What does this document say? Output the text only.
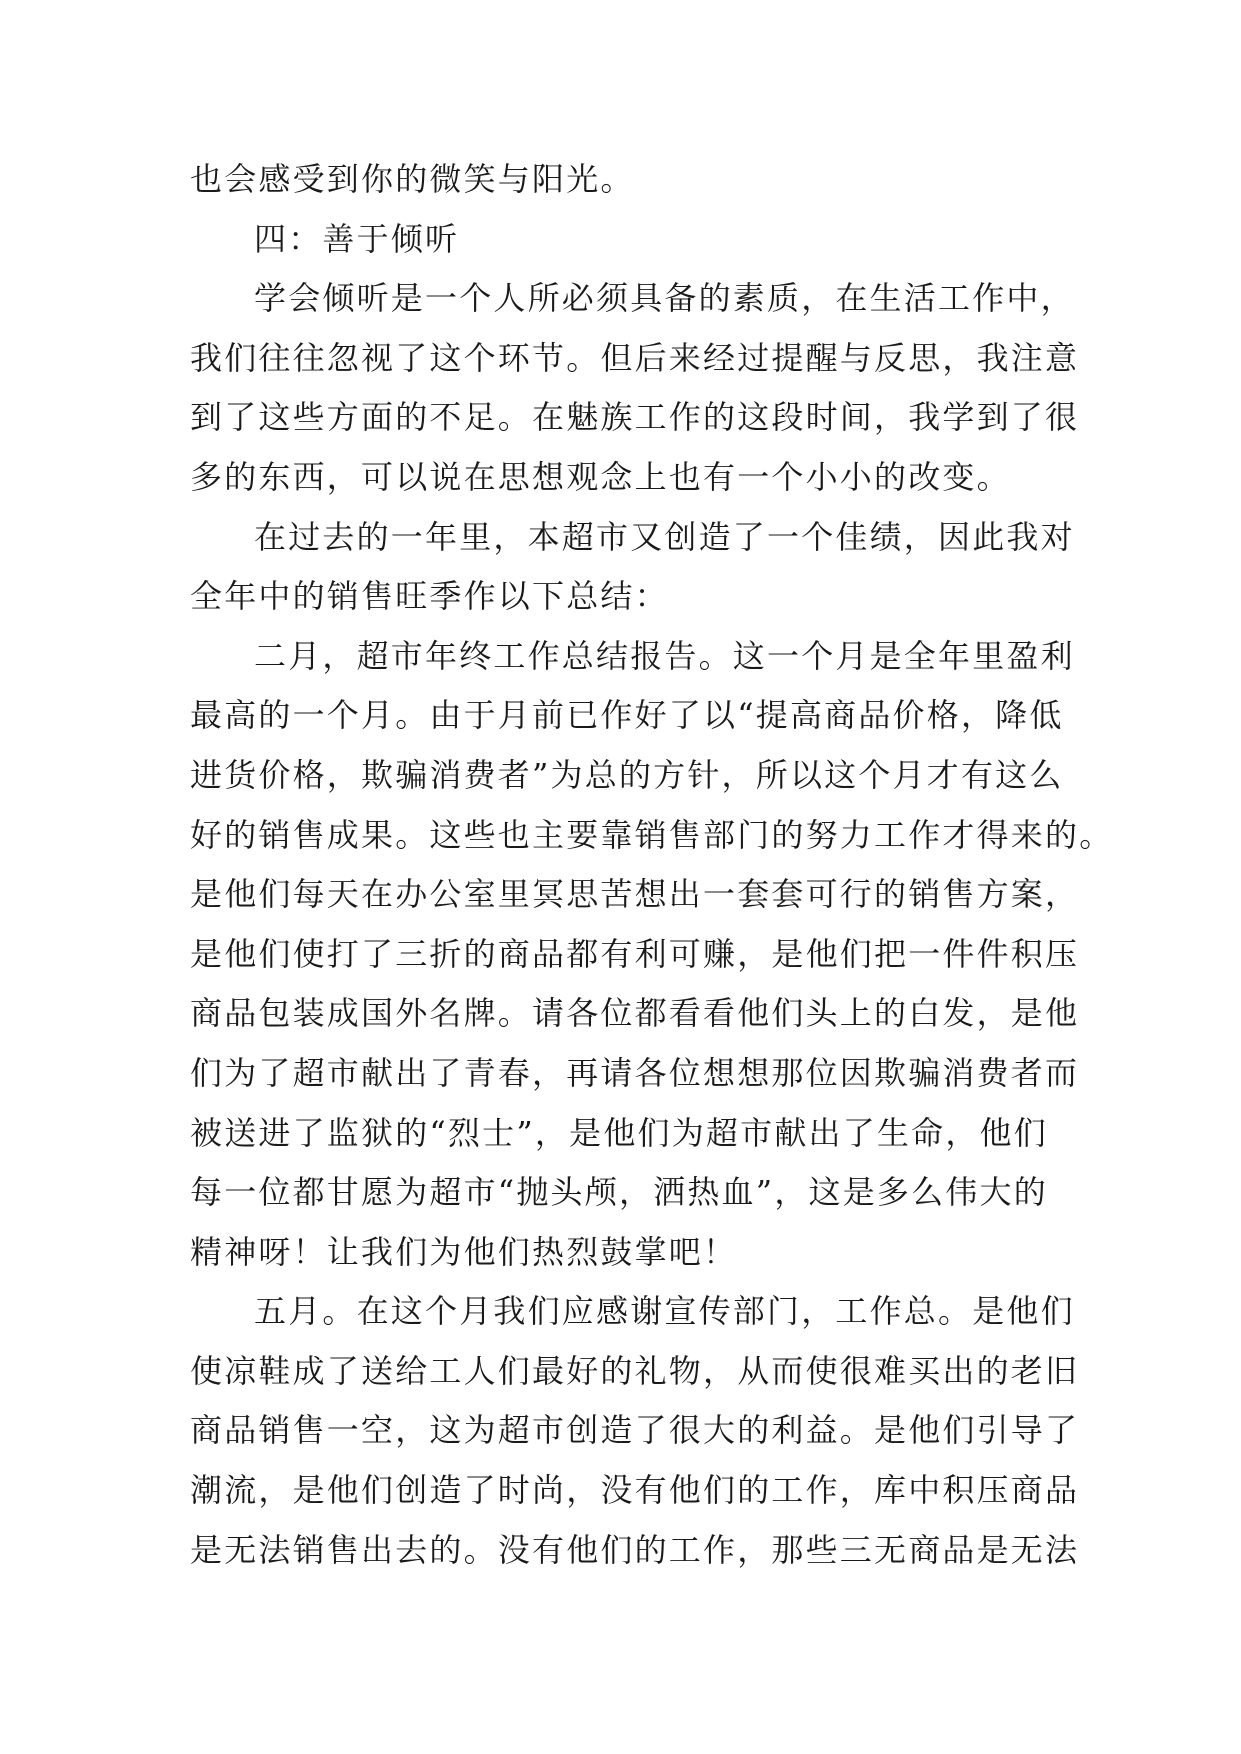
也会感受到你的微笑与阳光。
四：善于倾听
学会倾听是一个人所必须具备的素质，在生活工作中，
我们往往忽视了这个环节。但后来经过提醒与反思，我注意
到了这些方面的不足。在魅族工作的这段时间，我学到了很
多的东西，可以说在思想观念上也有一个小小的改变。
在过去的一年里，本超市又创造了一个佳绩，因此我对
全年中的销售旺季作以下总结：
二月，超市年终工作总结报告。这一个月是全年里盈利
最高的一个月。由于月前已作好了以“提高商品价格，降低
进货价格，欺骗消费者”为总的方针，所以这个月才有这么
好的销售成果。这些也主要靠销售部门的努力工作才得来的。
是他们每天在办公室里冥思苦想出一套套可行的销售方案，
是他们使打了三折的商品都有利可赚，是他们把一件件积压
商品包装成国外名牌。请各位都看看他们头上的白发，是他
们为了超市献出了青春，再请各位想想那位因欺骗消费者而
被送进了监狱的“烈士”，是他们为超市献出了生命，他们
每一位都甘愿为超市“抛头颅，洒热血”，这是多么伟大的
精神呀！让我们为他们热烈鼓掌吧！
五月。在这个月我们应感谢宣传部门，工作总。是他们
使凉鞋成了送给工人们最好的礼物，从而使很难买出的老旧
商品销售一空，这为超市创造了很大的利益。是他们引导了
潮流，是他们创造了时尚，没有他们的工作，库中积压商品
是无法销售出去的。没有他们的工作，那些三无商品是无法
